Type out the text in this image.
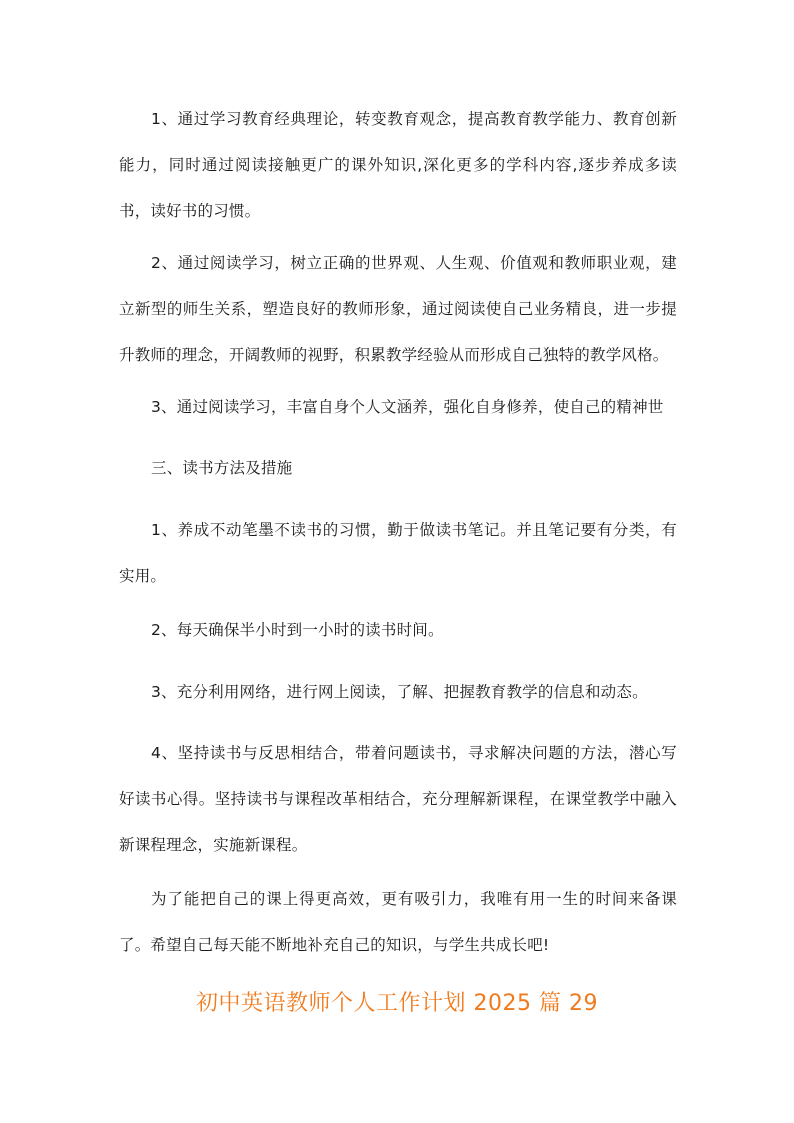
1、通过学习教育经典理论，转变教育观念，提高教育教学能力、教育创新能力，同时通过阅读接触更广的课外知识,深化更多的学科内容,逐步养成多读书，读好书的习惯。

2、通过阅读学习，树立正确的世界观、人生观、价值观和教师职业观，建立新型的师生关系，塑造良好的教师形象，通过阅读使自己业务精良，进一步提升教师的理念，开阔教师的视野，积累教学经验从而形成自己独特的教学风格。

3、通过阅读学习，丰富自身个人文涵养，强化自身修养，使自己的精神世

三、读书方法及措施

1、养成不动笔墨不读书的习惯，勤于做读书笔记。并且笔记要有分类，有实用。

2、每天确保半小时到一小时的读书时间。

3、充分利用网络，进行网上阅读，了解、把握教育教学的信息和动态。

4、坚持读书与反思相结合，带着问题读书，寻求解决问题的方法，潜心写好读书心得。坚持读书与课程改革相结合，充分理解新课程，在课堂教学中融入新课程理念，实施新课程。

为了能把自己的课上得更高效，更有吸引力，我唯有用一生的时间来备课了。希望自己每天能不断地补充自己的知识，与学生共成长吧!

初中英语教师个人工作计划 2025 篇 29
